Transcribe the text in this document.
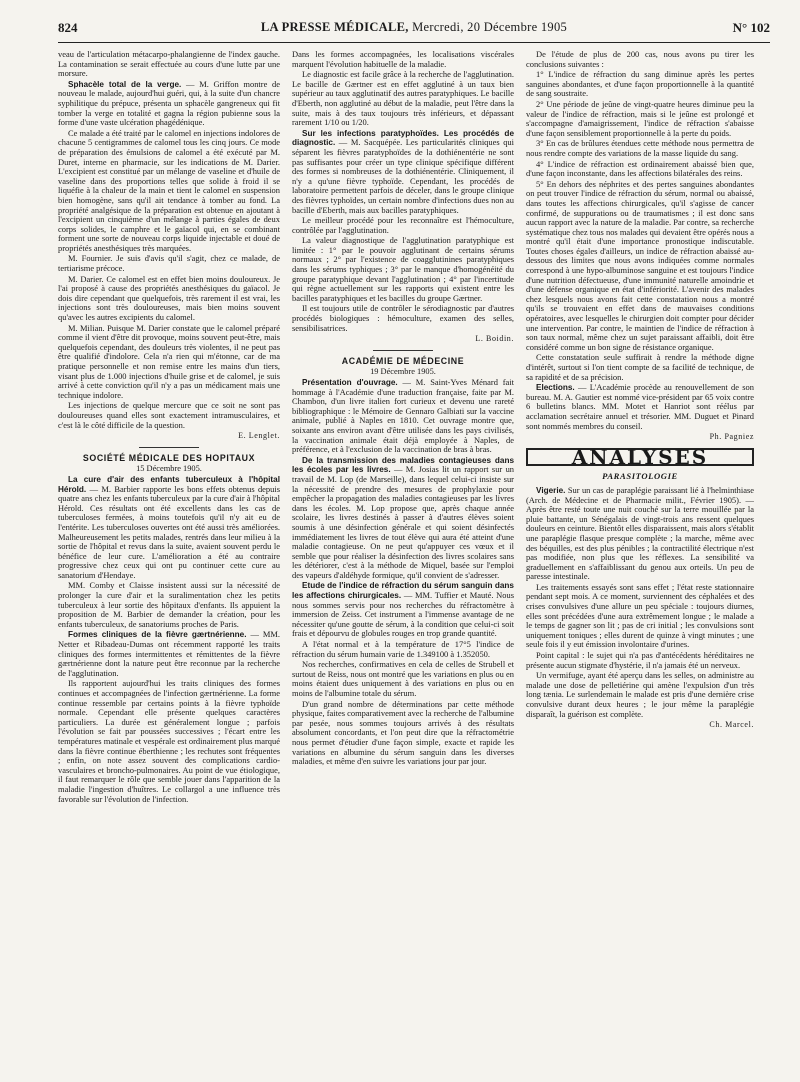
824	LA PRESSE MÉDICALE, Mercredi, 20 Décembre 1905	N° 102

veau de l'articulation métacarpo-phalangienne de l'index gauche. La contamination se serait effectuée au cours d'une lutte par une morsure.

Sphacèle total de la verge. — M. Griffon montre de nouveau le malade, aujourd'hui guéri, qui, à la suite d'un chancre syphilitique du prépuce, présenta un sphacèle gangreneux qui fit tomber la verge en totalité et gagna la région pubienne sous la forme d'une vaste ulcération phagédénique.

Ce malade a été traité par le calomel en injections indolores de chacune 5 centigrammes de calomel tous les cinq jours. Ce mode de préparation des émulsions de calomel a été exécuté par M. Duret, interne en pharmacie, sur les indications de M. Darier. L'excipient est constitué par un mélange de vaseline et d'huile de vaseline dans des proportions telles que solide à froid il se liquéfie à la chaleur de la main et tient le calomel en suspension bien homogène, sans qu'il ait tendance à tomber au fond. La propriété analgésique de la préparation est obtenue en ajoutant à l'excipient un cinquième d'un mélange à parties égales de deux corps solides, le camphre et le gaïacol qui, en se combinant forment une sorte de nouveau corps liquide injectable et doué de propriétés anesthésiques très marquées.

M. Fournier. Je suis d'avis qu'il s'agit, chez ce malade, de tertiarisme précoce.

M. Darier. Ce calomel est en effet bien moins douloureux. Je l'ai proposé à cause des propriétés anesthésiques du gaïacol. Je dois dire cependant que quelquefois, très rarement il est vrai, les injections sont très douloureuses, mais bien moins souvent qu'avec les autres excipients du calomel.

M. Milian. Puisque M. Darier constate que le calomel préparé comme il vient d'être dit provoque, moins souvent peut-être, mais quelquefois cependant, des douleurs très violentes, il ne peut pas être qualifié d'indolore. Cela n'a rien qui m'étonne, car de ma pratique personnelle et non remise entre les mains d'un tiers, visant plus de 1.000 injections d'huile grise et de calomel, je suis arrivé à cette conviction qu'il n'y a pas un médicament mais une technique indolore.

Les injections de quelque mercure que ce soit ne sont pas douloureuses quand elles sont exactement intramusculaires, et c'est là le côté difficile de la question.

E. Lenglet.

SOCIÉTÉ MÉDICALE DES HOPITAUX

15 Décembre 1905.

La cure d'air des enfants tuberculeux à l'hôpital Hérold. — M. Barbier rapporte les bons effets obtenus depuis quatre ans chez les enfants tuberculeux par la cure d'air à l'hôpital Hérold. Ces résultats ont été excellents dans les cas de tuberculoses fermées, à moins toutefois qu'il n'y ait eu de l'entérite. Les tuberculoses ouvertes ont été aussi très améliorées. Malheureusement les petits malades, rentrés dans leur milieu à la sortie de l'hôpital et revus dans la suite, avaient souvent perdu le bénéfice de leur cure. L'amélioration a été au contraire progressive chez ceux qui ont pu continuer cette cure au sanatorium d'Hendaye.

MM. Comby et Claisse insistent aussi sur la nécessité de prolonger la cure d'air et la suralimentation chez les petits tuberculeux à leur sortie des hôpitaux d'enfants. Ils appuient la proposition de M. Barbier de demander la création, pour les enfants tuberculeux, de sanatoriums proches de Paris.

Formes cliniques de la fièvre gærtnérienne. — MM. Netter et Ribadeau-Dumas ont récemment rapporté les traits cliniques des formes intermittentes et rémittentes de la fièvre gærtnérienne dont la nature peut être reconnue par la recherche de l'agglutination.

Ils rapportent aujourd'hui les traits cliniques des formes continues et accompagnées de l'infection gærtnérienne. La forme continue ressemble par certains points à la fièvre typhoïde normale. Cependant elle présente quelques caractères particuliers. La durée est généralement longue ; parfois l'évolution se fait par poussées successives ; l'écart entre les températures matinale et vespérale est ordinairement plus marqué dans la fièvre continue éberthienne ; les rechutes sont fréquentes ; enfin, on note assez souvent des complications cardio-vasculaires et broncho-pulmonaires. Au point de vue étiologique, il faut remarquer le rôle que semble jouer dans l'apparition de la maladie l'ingestion d'huîtres. Le collargol a une influence très favorable sur l'évolution de l'infection.

Dans les formes accompagnées, les localisations viscérales marquent l'évolution habituelle de la maladie.

Le diagnostic est facile grâce à la recherche de l'agglutination. Le bacille de Gærtner est en effet agglutiné à un taux bien supérieur au taux agglutinatif des autres paratyphiques. Le bacille d'Eberth, non agglutiné au début de la maladie, peut l'être dans la suite, mais à des taux toujours très inférieurs, et dépassant rarement 1/10 ou 1/20.

Sur les infections paratyphoïdes. Les procédés de diagnostic. — M. Sacquépée. Les particularités cliniques qui séparent les fièvres paratyphoïdes de la dothiénentérie ne sont pas suffisantes pour créer un type clinique spécifique différent des formes si nombreuses de la dothiénentérie. Cliniquement, il n'y a qu'une fièvre typhoïde. Cependant, les procédés de laboratoire permettent parfois de déceler, dans le groupe clinique des fièvres typhoïdes, un certain nombre d'infections dues non au bacille d'Eberth, mais aux bacilles paratyphiques.

Le meilleur procédé pour les reconnaître est l'hémoculture, contrôlée par l'agglutination.

La valeur diagnostique de l'agglutination paratyphique est limitée : 1° par le pouvoir agglutinant de certains sérums normaux ; 2° par l'existence de coagglutinines paratyphiques dans les sérums typhiques ; 3° par le manque d'homogénéité du groupe paratyphique devant l'agglutination ; 4° par l'incertitude qui règne actuellement sur les rapports qui existent entre les bacilles paratyphiques et les bacilles du groupe Gærtner.

Il est toujours utile de contrôler le sérodiagnostic par d'autres procédés biologiques : hémoculture, examen des selles, sensibilisatrices.

L. Boidin.

ACADÉMIE DE MÉDECINE

19 Décembre 1905.

Présentation d'ouvrage. — M. Saint-Yves Ménard fait hommage à l'Académie d'une traduction française, faite par M. Chambon, d'un livre italien fort curieux et devenu une rareté bibliographique : le Mémoire de Gennaro Galbiati sur la vaccine animale, publié à Naples en 1810. Cet ouvrage montre que, soixante ans environ avant d'être utilisée dans les pays civilisés, la vaccination animale était déjà employée à Naples, de préférence, et à l'exclusion de la vaccination de bras à bras.

De la transmission des maladies contagieuses dans les écoles par les livres. — M. Josias lit un rapport sur un travail de M. Lop (de Marseille), dans lequel celui-ci insiste sur la nécessité de prendre des mesures de prophylaxie pour empêcher la propagation des maladies contagieuses par les livres dans les écoles. M. Lop propose que, après chaque année scolaire, les livres destinés à passer à d'autres élèves soient soumis à une désinfection générale et qui soient désinfectés immédiatement les livres de tout élève qui aura été atteint d'une maladie contagieuse. On ne peut qu'appuyer ces vœux et il semble que pour réaliser la désinfection des livres scolaires sans les détériorer, c'est à la méthode de Miquel, basée sur l'emploi des vapeurs d'aldéhyde formique, qu'il convient de s'adresser.

Etude de l'indice de réfraction du sérum sanguin dans les affections chirurgicales. — MM. Tuffier et Mauté. Nous nous sommes servis pour nos recherches du réfractomètre à immersion de Zeiss. Cet instrument a l'immense avantage de ne nécessiter qu'une goutte de sérum, à la condition que celui-ci soit frais et dépourvu de globules rouges en trop grande quantité.

A l'état normal et à la température de 17°5 l'indice de réfraction du sérum humain varie de 1.349100 à 1.352050.

Nos recherches, confirmatives en cela de celles de Strubell et surtout de Reiss, nous ont montré que les variations en plus ou en moins étaient dues uniquement à des variations en plus ou en moins de l'albumine totale du sérum.

D'un grand nombre de déterminations par cette méthode physique, faites comparativement avec la recherche de l'albumine par pesée, nous sommes toujours arrivés à des résultats absolument concordants, et l'on peut dire que la réfractométrie nous permet d'étudier d'une façon simple, exacte et rapide les variations en albumine du sérum sanguin dans les diverses maladies, et même d'en suivre les variations jour par jour.

De l'étude de plus de 200 cas, nous avons pu tirer les conclusions suivantes :

1° L'indice de réfraction du sang diminue après les pertes sanguines abondantes, et d'une façon proportionnelle à la quantité de sang soustraite.

2° Une période de jeûne de vingt-quatre heures diminue peu la valeur de l'indice de réfraction, mais si le jeûne est prolongé et s'accompagne d'amaigrissement, l'indice de réfraction s'abaisse d'une façon sensiblement proportionnelle à la perte du poids.

3° En cas de brûlures étendues cette méthode nous permettra de nous rendre compte des variations de la masse liquide du sang.

4° L'indice de réfraction est ordinairement abaissé bien que, d'une façon inconstante, dans les affections bilatérales des reins.

5° En dehors des néphrites et des pertes sanguines abondantes on peut trouver l'indice de réfraction du sérum, normal ou abaissé, dans toutes les affections chirurgicales, qu'il s'agisse de cancer confirmé, de suppurations ou de traumatismes ; il est donc sans aucun rapport avec la nature de la maladie. Par contre, sa recherche systématique chez tous nos malades qui devaient être opérés nous a montré qu'il était d'une importance pronostique indiscutable. Toutes choses égales d'ailleurs, un indice de réfraction abaissé au-dessous des limites que nous avons indiquées comme normales correspond à une hypo-albuminose sanguine et est toujours l'indice d'une nutrition défectueuse, d'une immunité naturelle amoindrie et d'une défense organique en état d'infériorité. L'avenir des malades chez lesquels nous avons fait cette constatation nous a montré qu'ils se trouvaient en effet dans de mauvaises conditions opératoires, avec lesquelles le chirurgien doit compter pour décider une intervention. Par contre, le maintien de l'indice de réfraction à son taux normal, même chez un sujet paraissant affaibli, doit être considéré comme un bon signe de résistance organique.

Cette constatation seule suffirait à rendre la méthode digne d'intérêt, surtout si l'on tient compte de sa facilité de technique, de sa rapidité et de sa précision.

Elections. — L'Académie procède au renouvellement de son bureau. M. A. Gautier est nommé vice-président par 65 voix contre 6 bulletins blancs. MM. Motet et Hanriot sont réélus par acclamation secrétaire annuel et trésorier. MM. Duguet et Pinard sont nommés membres du conseil.

Ph. Pagniez

ANALYSES
PARASITOLOGIE

Vigerie. Sur un cas de paraplégie paraissant lié à l'helminthiase (Arch. de Médecine et de Pharmacie milit., Février 1905). — Après être resté toute une nuit couché sur la terre mouillée par la pluie battante, un Sénégalais de vingt-trois ans ressent quelques douleurs en ceinture. Bientôt elles disparaissent, mais alors s'établit une paraplégie flasque presque complète ; la marche, même avec des béquilles, est des plus pénibles ; la contractilité électrique n'est pas modifiée, non plus que les réflexes. La sensibilité va graduellement en s'affaiblissant du genou aux orteils. Un peu de paresse intestinale.

Les traitements essayés sont sans effet ; l'état reste stationnaire pendant sept mois. A ce moment, surviennent des céphalées et des crises convulsives d'une allure un peu spéciale : toujours diurnes, elles sont précédées d'une aura extrêmement longue ; le malade a le temps de gagner son lit ; pas de cri initial ; les convulsions sont uniquement toniques ; elles durent de quinze à vingt minutes ; une seule fois il y eut émission involontaire d'urines.

Point capital : le sujet qui n'a pas d'antécédents héréditaires ne présente aucun stigmate d'hystérie, il n'a jamais été un nerveux.

Un vermifuge, ayant été aperçu dans les selles, on administre au malade une dose de pelletiérine qui amène l'expulsion d'un très long tænia. Le surlendemain le malade est pris d'une dernière crise convulsive durant deux heures ; le jour même la paraplégie disparaît, la guérison est complète.

Ch. Marcel.
